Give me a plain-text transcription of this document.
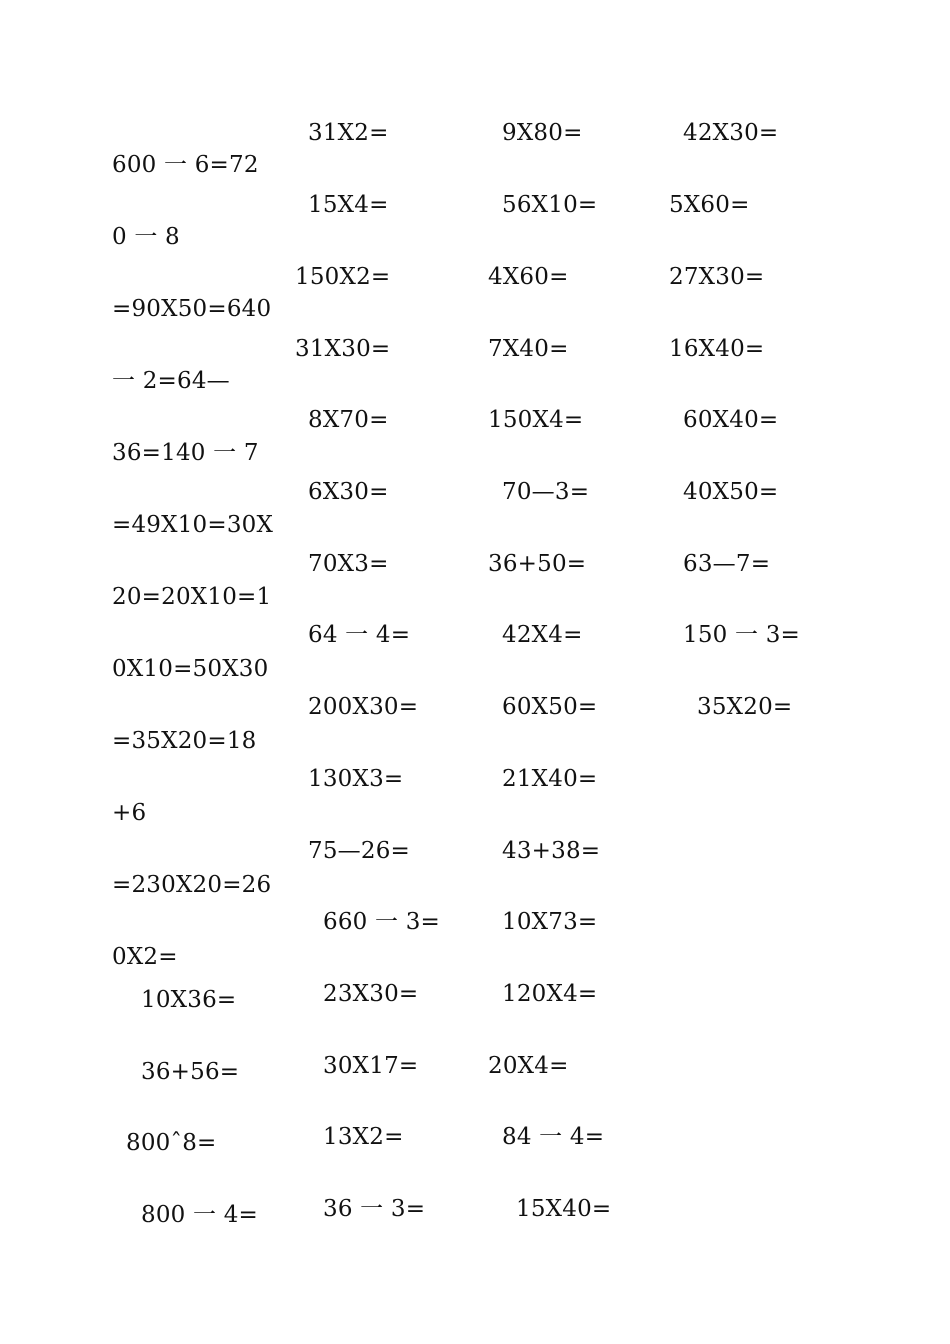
600 一 6=72
0 一 8
=90X50=640
一 2=64—
36=140 一 7
=49X10=30X
20=20X10=1
0X10=50X30
=35X20=18
+6
=230X20=26
0X2=
10X36=
36+56=
800ˆ8=
800 一 4=
31X2=
15X4=
150X2=
31X30=
8X70=
6X30=
70X3=
64 一 4=
200X30=
130X3=
75—26=
660 一 3=
23X30=
30X17=
13X2=
36 一 3=
9X80=
56X10=
4X60=
7X40=
150X4=
70—3=
36+50=
42X4=
60X50=
21X40=
43+38=
10X73=
120X4=
20X4=
84 一 4=
15X40=
42X30=
5X60=
27X30=
16X40=
60X40=
40X50=
63—7=
150 一 3=
35X20=
